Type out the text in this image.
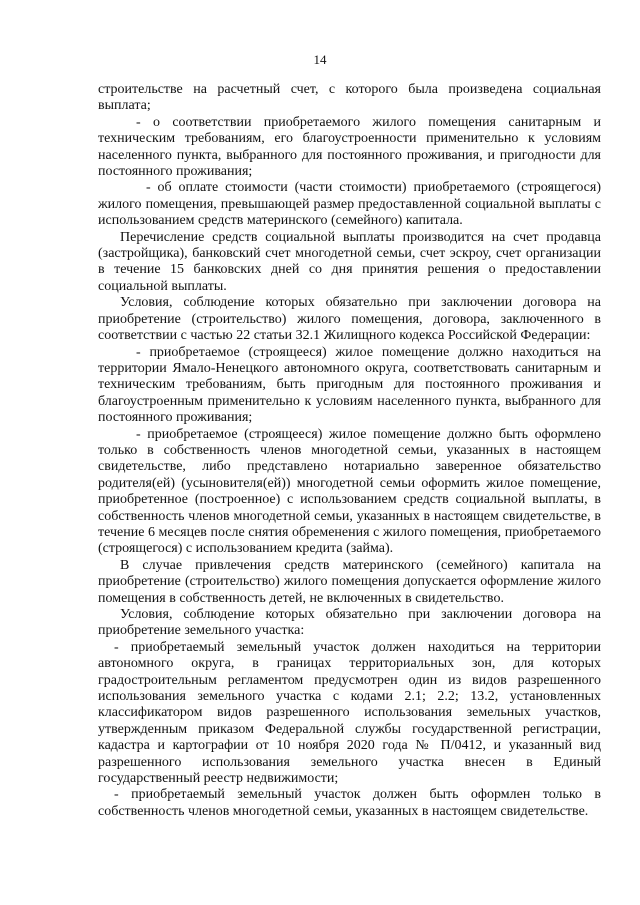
14

строительстве на расчетный счет, с которого была произведена социальная выплата;

- о соответствии приобретаемого жилого помещения санитарным и техническим требованиям, его благоустроенности применительно к условиям населенного пункта, выбранного для постоянного проживания, и пригодности для постоянного проживания;

- об оплате стоимости (части стоимости) приобретаемого (строящегося) жилого помещения, превышающей размер предоставленной социальной выплаты с использованием средств материнского (семейного) капитала.

Перечисление средств социальной выплаты производится на счет продавца (застройщика), банковский счет многодетной семьи, счет эскроу, счет организации в течение 15 банковских дней со дня принятия решения о предоставлении социальной выплаты.

Условия, соблюдение которых обязательно при заключении договора на приобретение (строительство) жилого помещения, договора, заключенного в соответствии с частью 22 статьи 32.1 Жилищного кодекса Российской Федерации:

- приобретаемое (строящееся) жилое помещение должно находиться на территории Ямало-Ненецкого автономного округа, соответствовать санитарным и техническим требованиям, быть пригодным для постоянного проживания и благоустроенным применительно к условиям населенного пункта, выбранного для постоянного проживания;

- приобретаемое (строящееся) жилое помещение должно быть оформлено только в собственность членов многодетной семьи, указанных в настоящем свидетельстве, либо представлено нотариально заверенное обязательство родителя(ей) (усыновителя(ей)) многодетной семьи оформить жилое помещение, приобретенное (построенное) с использованием средств социальной выплаты, в собственность членов многодетной семьи, указанных в настоящем свидетельстве, в течение 6 месяцев после снятия обременения с жилого помещения, приобретаемого (строящегося) с использованием кредита (займа).

В случае привлечения средств материнского (семейного) капитала на приобретение (строительство) жилого помещения допускается оформление жилого помещения в собственность детей, не включенных в свидетельство.

Условия, соблюдение которых обязательно при заключении договора на приобретение земельного участка:

- приобретаемый земельный участок должен находиться на территории автономного округа, в границах территориальных зон, для которых градостроительным регламентом предусмотрен один из видов разрешенного использования земельного участка с кодами 2.1; 2.2; 13.2, установленных классификатором видов разрешенного использования земельных участков, утвержденным приказом Федеральной службы государственной регистрации, кадастра и картографии от 10 ноября 2020 года № П/0412, и указанный вид разрешенного использования земельного участка внесен в Единый государственный реестр недвижимости;

- приобретаемый земельный участок должен быть оформлен только в собственность членов многодетной семьи, указанных в настоящем свидетельстве.
